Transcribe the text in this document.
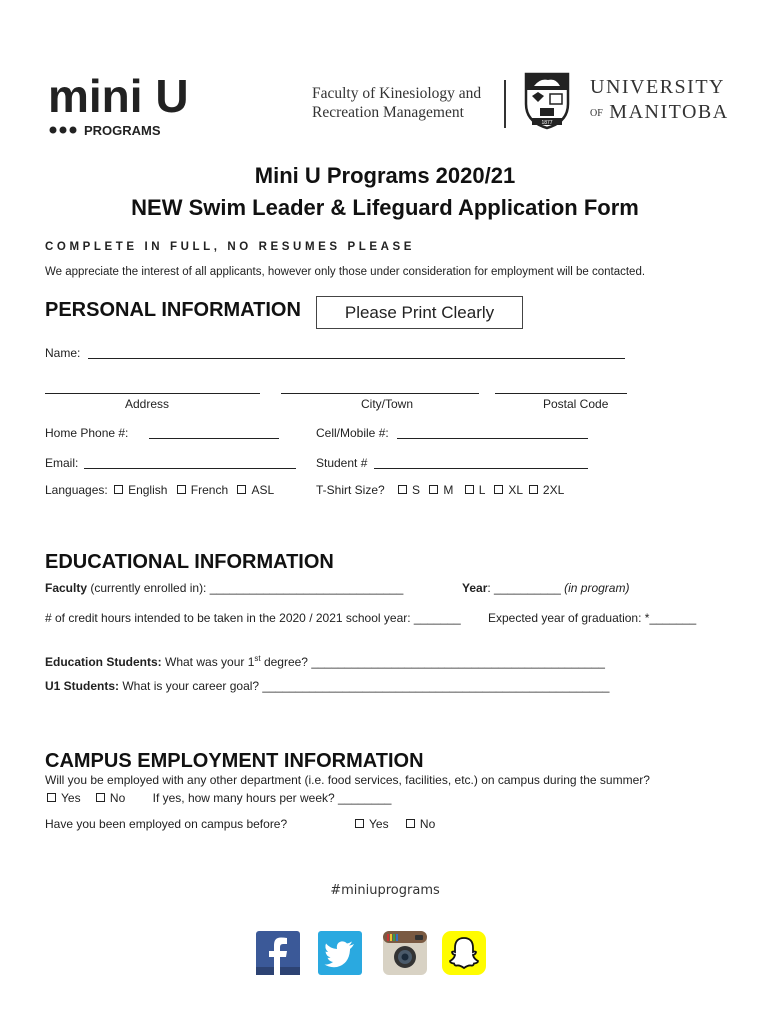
mini U
PROGRAMS
Faculty of Kinesiology and
Recreation Management
1877
UNIVERSITY
OF MANITOBA
Mini U Programs 2020/21
NEW Swim Leader & Lifeguard Application Form
COMPLETE IN FULL, NO RESUMES PLEASE
We appreciate the interest of all applicants, however only those under consideration for employment will be contacted.
PERSONAL INFORMATION	Please Print Clearly
Name:
Address	City/Town	Postal Code
Home Phone #:	Cell/Mobile #:
Email:	Student #
Languages: English French ASL	T-Shirt Size? S M L XL 2XL
EDUCATIONAL INFORMATION
Faculty (currently enrolled in): _____________________________	Year: __________ (in program)
# of credit hours intended to be taken in the 2020 / 2021 school year: _______ Expected year of graduation: *_______
Education Students: What was your 1st degree? ____________________________________________
U1 Students: What is your career goal? ____________________________________________________
CAMPUS EMPLOYMENT INFORMATION
Will you be employed with any other department (i.e. food services, facilities, etc.) on campus during the summer?
Yes No If yes, how many hours per week? ________
Have you been employed on campus before?	Yes	No
#miniuprograms
